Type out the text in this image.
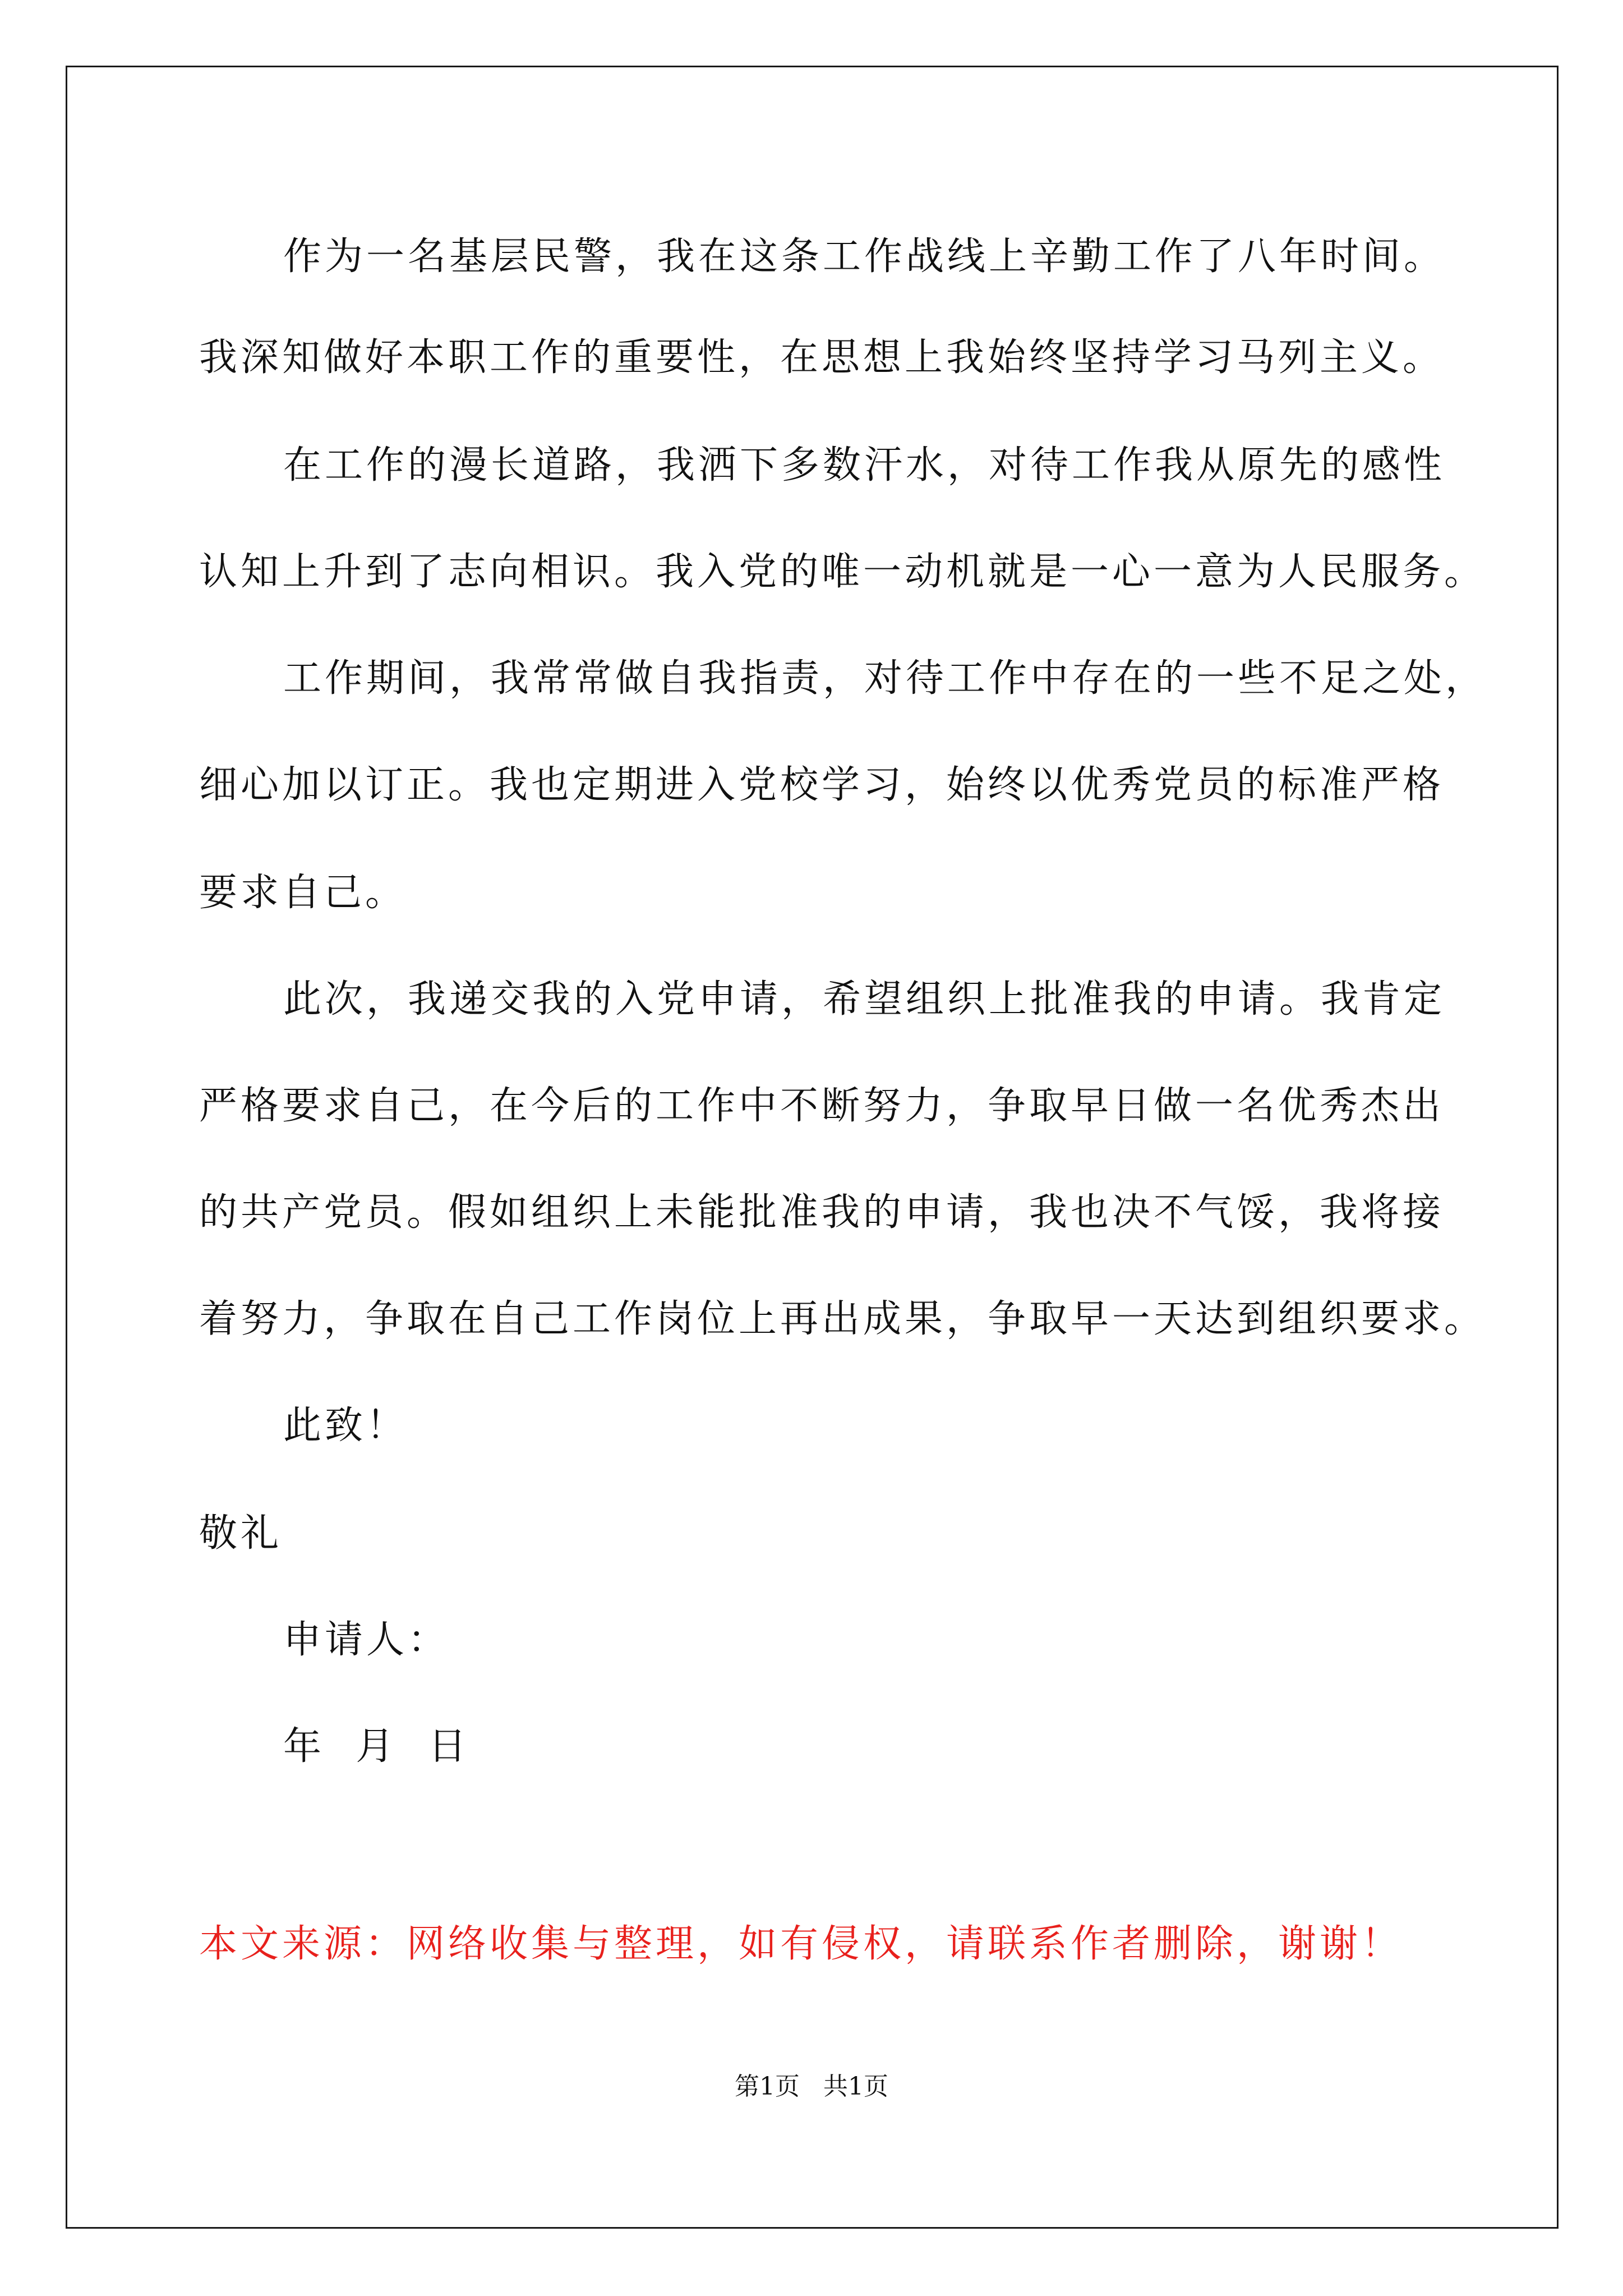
作为一名基层民警，我在这条工作战线上辛勤工作了八年时间。
我深知做好本职工作的重要性，在思想上我始终坚持学习马列主义。
在工作的漫长道路，我洒下多数汗水，对待工作我从原先的感性
认知上升到了志向相识。我入党的唯一动机就是一心一意为人民服务。
工作期间，我常常做自我指责，对待工作中存在的一些不足之处，
细心加以订正。我也定期进入党校学习，始终以优秀党员的标准严格
要求自己。
此次，我递交我的入党申请，希望组织上批准我的申请。我肯定
严格要求自己，在今后的工作中不断努力，争取早日做一名优秀杰出
的共产党员。假如组织上未能批准我的申请，我也决不气馁，我将接
着努力，争取在自己工作岗位上再出成果，争取早一天达到组织要求。
此致！
敬礼
申请人：
年  月  日
本文来源：网络收集与整理，如有侵权，请联系作者删除，谢谢！
第1页   共1页
